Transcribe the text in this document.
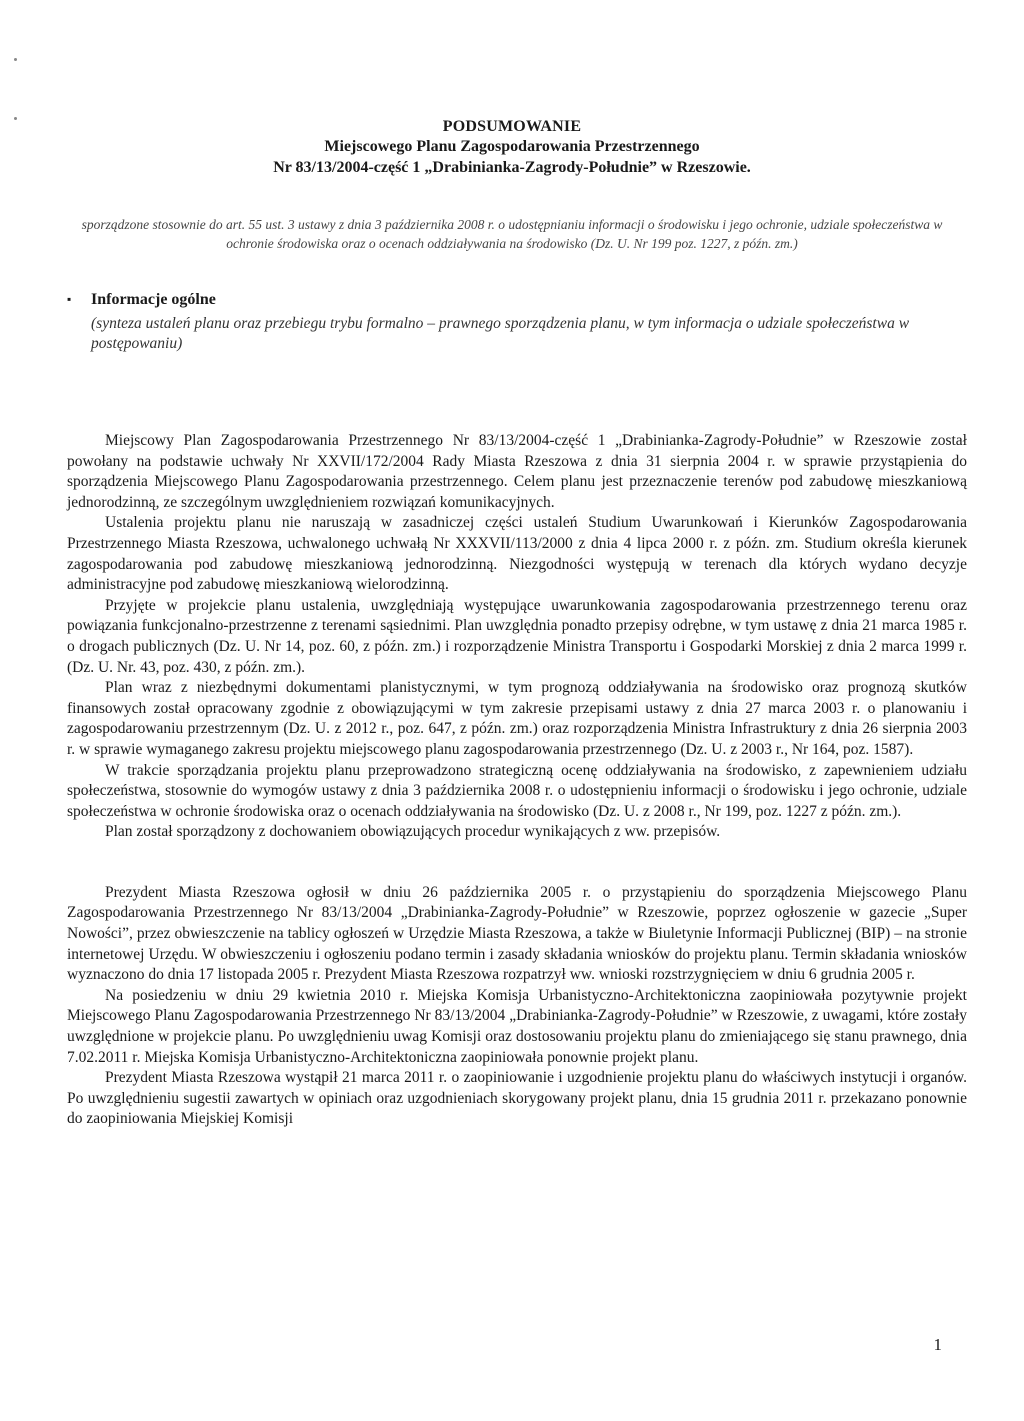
PODSUMOWANIE
Miejscowego Planu Zagospodarowania Przestrzennego
Nr 83/13/2004-część 1 „Drabinianka-Zagrody-Południe” w Rzeszowie.
sporządzone stosownie do art. 55 ust. 3 ustawy z dnia 3 października 2008 r. o udostępnianiu informacji o środowisku i jego ochronie, udziale społeczeństwa w ochronie środowiska oraz o ocenach oddziaływania na środowisko (Dz. U. Nr 199 poz. 1227, z późn. zm.)
▪ Informacje ogólne
(synteza ustaleń planu oraz przebiegu trybu formalno – prawnego sporządzenia planu, w tym informacja o udziale społeczeństwa w postępowaniu)

Miejscowy Plan Zagospodarowania Przestrzennego Nr 83/13/2004-część 1 „Drabinianka-Zagrody-Południe” w Rzeszowie został powołany na podstawie uchwały Nr XXVII/172/2004 Rady Miasta Rzeszowa z dnia 31 sierpnia 2004 r. w sprawie przystąpienia do sporządzenia Miejscowego Planu Zagospodarowania przestrzennego. Celem planu jest przeznaczenie terenów pod zabudowę mieszkaniową jednorodzinną, ze szczególnym uwzględnieniem rozwiązań komunikacyjnych.

Ustalenia projektu planu nie naruszają w zasadniczej części ustaleń Studium Uwarunkowań i Kierunków Zagospodarowania Przestrzennego Miasta Rzeszowa, uchwalonego uchwałą Nr XXXVII/113/2000 z dnia 4 lipca 2000 r. z późn. zm. Studium określa kierunek zagospodarowania pod zabudowę mieszkaniową jednorodzinną. Niezgodności występują w terenach dla których wydano decyzje administracyjne pod zabudowę mieszkaniową wielorodzinną.

Przyjęte w projekcie planu ustalenia, uwzględniają występujące uwarunkowania zagospodarowania przestrzennego terenu oraz powiązania funkcjonalno-przestrzenne z terenami sąsiednimi. Plan uwzględnia ponadto przepisy odrębne, w tym ustawę z dnia 21 marca 1985 r. o drogach publicznych (Dz. U. Nr 14, poz. 60, z późn. zm.) i rozporządzenie Ministra Transportu i Gospodarki Morskiej z dnia 2 marca 1999 r. (Dz. U. Nr. 43, poz. 430, z późn. zm.).

Plan wraz z niezbędnymi dokumentami planistycznymi, w tym prognozą oddziaływania na środowisko oraz prognozą skutków finansowych został opracowany zgodnie z obowiązującymi w tym zakresie przepisami ustawy z dnia 27 marca 2003 r. o planowaniu i zagospodarowaniu przestrzennym (Dz. U. z 2012 r., poz. 647, z późn. zm.) oraz rozporządzenia Ministra Infrastruktury z dnia 26 sierpnia 2003 r. w sprawie wymaganego zakresu projektu miejscowego planu zagospodarowania przestrzennego (Dz. U. z 2003 r., Nr 164, poz. 1587).

W trakcie sporządzania projektu planu przeprowadzono strategiczną ocenę oddziaływania na środowisko, z zapewnieniem udziału społeczeństwa, stosownie do wymogów ustawy z dnia 3 października 2008 r. o udostępnieniu informacji o środowisku i jego ochronie, udziale społeczeństwa w ochronie środowiska oraz o ocenach oddziaływania na środowisko (Dz. U. z 2008 r., Nr 199, poz. 1227 z późn. zm.).

Plan został sporządzony z dochowaniem obowiązujących procedur wynikających z ww. przepisów.

Prezydent Miasta Rzeszowa ogłosił w dniu 26 października 2005 r. o przystąpieniu do sporządzenia Miejscowego Planu Zagospodarowania Przestrzennego Nr 83/13/2004 „Drabinianka-Zagrody-Południe” w Rzeszowie, poprzez ogłoszenie w gazecie „Super Nowości”, przez obwieszczenie na tablicy ogłoszeń w Urzędzie Miasta Rzeszowa, a także w Biuletynie Informacji Publicznej (BIP) – na stronie internetowej Urzędu. W obwieszczeniu i ogłoszeniu podano termin i zasady składania wniosków do projektu planu. Termin składania wniosków wyznaczono do dnia 17 listopada 2005 r. Prezydent Miasta Rzeszowa rozpatrzył ww. wnioski rozstrzygnięciem w dniu 6 grudnia 2005 r.

Na posiedzeniu w dniu 29 kwietnia 2010 r. Miejska Komisja Urbanistyczno-Architektoniczna zaopiniowała pozytywnie projekt Miejscowego Planu Zagospodarowania Przestrzennego Nr 83/13/2004 „Drabinianka-Zagrody-Południe” w Rzeszowie, z uwagami, które zostały uwzględnione w projekcie planu. Po uwzględnieniu uwag Komisji oraz dostosowaniu projektu planu do zmieniającego się stanu prawnego, dnia 7.02.2011 r. Miejska Komisja Urbanistyczno-Architektoniczna zaopiniowała ponownie projekt planu.

Prezydent Miasta Rzeszowa wystąpił 21 marca 2011 r. o zaopiniowanie i uzgodnienie projektu planu do właściwych instytucji i organów. Po uwzględnieniu sugestii zawartych w opiniach oraz uzgodnieniach skorygowany projekt planu, dnia 15 grudnia 2011 r. przekazano ponownie do zaopiniowania Miejskiej Komisji

1
